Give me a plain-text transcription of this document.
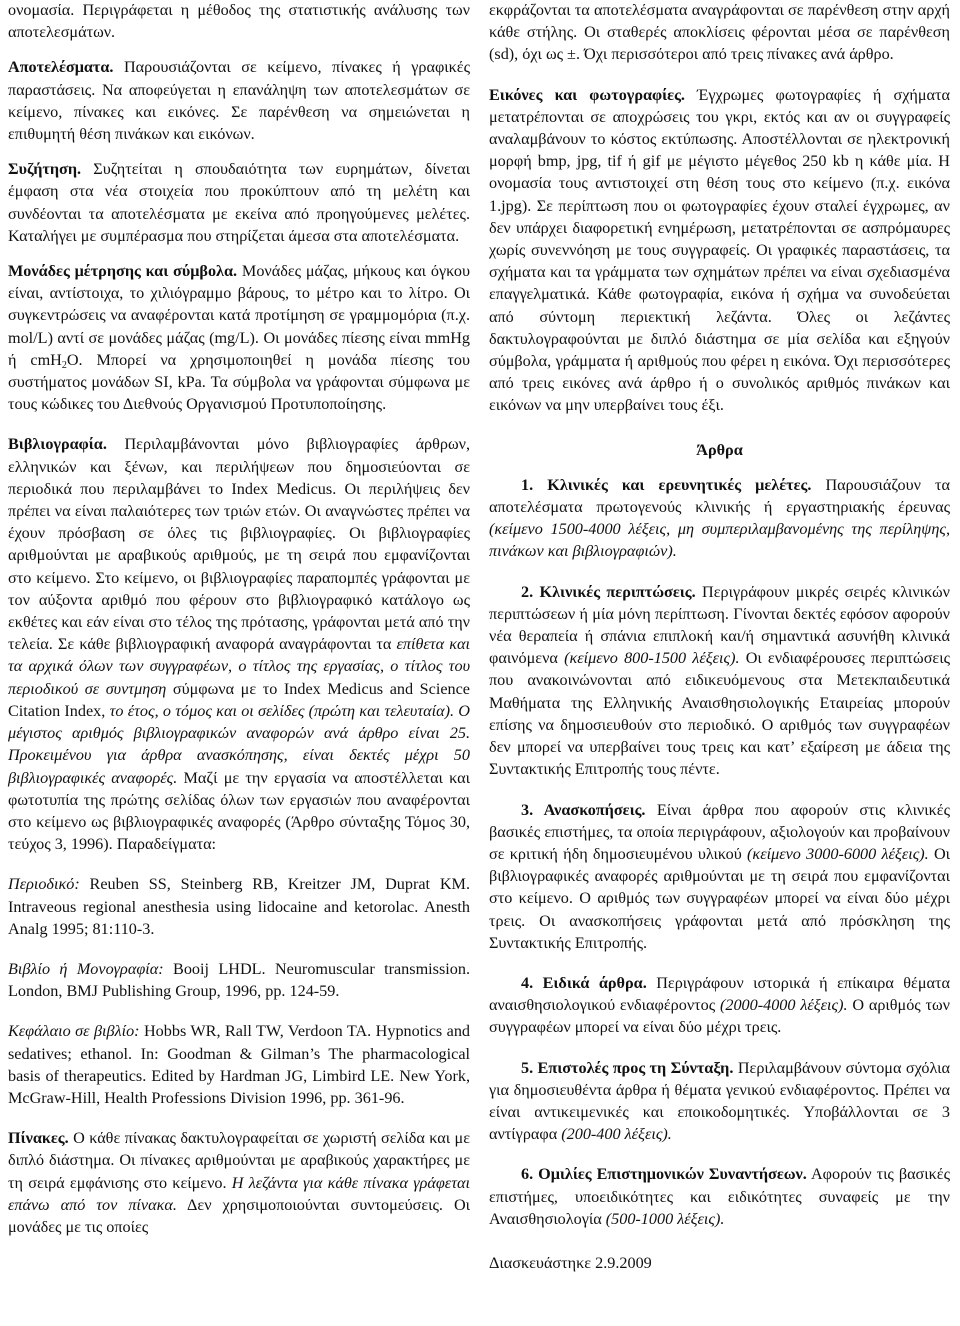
ονομασία. Περιγράφεται η μέθοδος της στατιστικής ανάλυσης των αποτελεσμάτων.

Αποτελέσματα. Παρουσιάζονται σε κείμενο, πίνακες ή γραφικές παραστάσεις. Να αποφεύγεται η επανάληψη των αποτελεσμάτων σε κείμενο, πίνακες και εικόνες. Σε παρένθεση να σημειώνεται η επιθυμητή θέση πινάκων και εικόνων.

Συζήτηση. Συζητείται η σπουδαιότητα των ευρημάτων, δίνεται έμφαση στα νέα στοιχεία που προκύπτουν από τη μελέτη και συνδέονται τα αποτελέσματα με εκείνα από προηγούμενες μελέτες. Καταλήγει με συμπέρασμα που στηρίζεται άμεσα στα αποτελέσματα.

Μονάδες μέτρησης και σύμβολα. Μονάδες μάζας, μήκους και όγκου είναι, αντίστοιχα, το χιλιόγραμμο βάρους, το μέτρο και το λίτρο. Οι συγκεντρώσεις να αναφέρονται κατά προτίμηση σε γραμμομόρια (π.χ. mol/L) αντί σε μονάδες μάζας (mg/L). Οι μονάδες πίεσης είναι mmHg ή cmH$_2$O. Μπορεί να χρησιμοποιηθεί η μονάδα πίεσης του συστήματος μονάδων SI, kPa. Τα σύμβολα να γράφονται σύμφωνα με τους κώδικες του Διεθνούς Οργανισμού Προτυποποίησης.

Βιβλιογραφία. Περιλαμβάνονται μόνο βιβλιογραφίες άρθρων, ελληνικών και ξένων, και περιλήψεων που δημοσιεύονται σε περιοδικά που περιλαμβάνει το Index Medicus. Οι περιλήψεις δεν πρέπει να είναι παλαιότερες των τριών ετών. Οι αναγνώστες πρέπει να έχουν πρόσβαση σε όλες τις βιβλιογραφίες. Οι βιβλιογραφίες αριθμούνται με αραβικούς αριθμούς, με τη σειρά που εμφανίζονται στο κείμενο. Στο κείμενο, οι βιβλιογραφίες παραπομπές γράφονται με τον αύξοντα αριθμό που φέρουν στο βιβλιογραφικό κατάλογο ως εκθέτες και εάν είναι στο τέλος της πρότασης, γράφονται μετά από την τελεία. Σε κάθε βιβλιογραφική αναφορά αναγράφονται τα επίθετα και τα αρχικά όλων των συγγραφέων, ο τίτλος της εργασίας, ο τίτλος του περιοδικού σε συντμηση σύμφωνα με το Index Medicus and Science Citation Index, το έτος, ο τόμος και οι σελίδες (πρώτη και τελευταία). Ο μέγιστος αριθμός βιβλιογραφικών αναφορών ανά άρθρο είναι 25. Προκειμένου για άρθρα ανασκόπησης, είναι δεκτές μέχρι 50 βιβλιογραφικές αναφορές. Μαζί με την εργασία να αποστέλλεται και φωτοτυπία της πρώτης σελίδας όλων των εργασιών που αναφέρονται στο κείμενο ως βιβλιογραφικές αναφορές (Άρθρο σύνταξης Τόμος 30, τεύχος 3, 1996). Παραδείγματα:

Περιοδικό: Reuben SS, Steinberg RB, Kreitzer JM, Duprat KM. Intraveous regional anesthesia using lidocaine and ketorolac. Anesth Analg 1995; 81:110-3.

Βιβλίο ή Μονογραφία: Booij LHDL. Neuromuscular transmission. London, BMJ Publishing Group, 1996, pp. 124-59.

Κεφάλαιο σε βιβλίο: Hobbs WR, Rall TW, Verdoon TA. Hypnotics and sedatives; ethanol. In: Goodman & Gilman’s The pharmacological basis of therapeutics. Edited by Hardman JG, Limbird LE. New York, McGraw-Hill, Health Professions Division 1996, pp. 361-96.

Πίνακες. Ο κάθε πίνακας δακτυλογραφείται σε χωριστή σελίδα και με διπλό διάστημα. Οι πίνακες αριθμούνται με αραβικούς χαρακτήρες με τη σειρά εμφάνισης στο κείμενο. Η λεζάντα για κάθε πίνακα γράφεται επάνω από τον πίνακα. Δεν χρησιμοποιούνται συντομεύσεις. Οι μονάδες με τις οποίες

εκφράζονται τα αποτελέσματα αναγράφονται σε παρένθεση στην αρχή κάθε στήλης. Οι σταθερές αποκλίσεις φέρονται μέσα σε παρένθεση (sd), όχι ως ±. Όχι περισσότεροι από τρεις πίνακες ανά άρθρο.

Εικόνες και φωτογραφίες. Έγχρωμες φωτογραφίες ή σχήματα μετατρέπονται σε αποχρώσεις του γκρι, εκτός και αν οι συγγραφείς αναλαμβάνουν το κόστος εκτύπωσης. Αποστέλλονται σε ηλεκτρονική μορφή bmp, jpg, tif ή gif με μέγιστο μέγεθος 250 kb η κάθε μία. Η ονομασία τους αντιστοιχεί στη θέση τους στο κείμενο (π.χ. εικόνα 1.jpg). Σε περίπτωση που οι φωτογραφίες έχουν σταλεί έγχρωμες, αν δεν υπάρχει διαφορετική ενημέρωση, μετατρέπονται σε ασπρόμαυρες χωρίς συνεννόηση με τους συγγραφείς. Οι γραφικές παραστάσεις, τα σχήματα και τα γράμματα των σχημάτων πρέπει να είναι σχεδιασμένα επαγγελματικά. Κάθε φωτογραφία, εικόνα ή σχήμα να συνοδεύεται από σύντομη περιεκτική λεζάντα. Όλες οι λεζάντες δακτυλογραφούνται με διπλό διάστημα σε μία σελίδα και εξηγούν σύμβολα, γράμματα ή αριθμούς που φέρει η εικόνα. Όχι περισσότερες από τρεις εικόνες ανά άρθρο ή ο συνολικός αριθμός πινάκων και εικόνων να μην υπερβαίνει τους έξι.

Άρθρα

1. Κλινικές και ερευνητικές μελέτες. Παρουσιάζουν τα αποτελέσματα πρωτογενούς κλινικής ή εργαστηριακής έρευνας (κείμενο 1500-4000 λέξεις, μη συμπεριλαμβανομένης της περίληψης, πινάκων και βιβλιογραφιών).

2. Κλινικές περιπτώσεις. Περιγράφουν μικρές σειρές κλινικών περιπτώσεων ή μία μόνη περίπτωση. Γίνονται δεκτές εφόσον αφορούν νέα θεραπεία ή σπάνια επιπλοκή και/ή σημαντικά ασυνήθη κλινικά φαινόμενα (κείμενο 800-1500 λέξεις). Οι ενδιαφέρουσες περιπτώσεις που ανακοινώνονται από ειδικευόμενους στα Μετεκπαιδευτικά Μαθήματα της Ελληνικής Αναισθησιολογικής Εταιρείας μπορούν επίσης να δημοσιευθούν στο περιοδικό. Ο αριθμός των συγγραφέων δεν μπορεί να υπερβαίνει τους τρεις και κατ’ εξαίρεση με άδεια της Συντακτικής Επιτροπής τους πέντε.

3. Ανασκοπήσεις. Είναι άρθρα που αφορούν στις κλινικές βασικές επιστήμες, τα οποία περιγράφουν, αξιολογούν και προβαίνουν σε κριτική ήδη δημοσιευμένου υλικού (κείμενο 3000-6000 λέξεις). Οι βιβλιογραφικές αναφορές αριθμούνται με τη σειρά που εμφανίζονται στο κείμενο. Ο αριθμός των συγγραφέων μπορεί να είναι δύο μέχρι τρεις. Οι ανασκοπήσεις γράφονται μετά από πρόσκληση της Συντακτικής Επιτροπής.

4. Ειδικά άρθρα. Περιγράφουν ιστορικά ή επίκαιρα θέματα αναισθησιολογικού ενδιαφέροντος (2000-4000 λέξεις). Ο αριθμός των συγγραφέων μπορεί να είναι δύο μέχρι τρεις.

5. Επιστολές προς τη Σύνταξη. Περιλαμβάνουν σύντομα σχόλια για δημοσιευθέντα άρθρα ή θέματα γενικού ενδιαφέροντος. Πρέπει να είναι αντικειμενικές και εποικοδομητικές. Υποβάλλονται σε 3 αντίγραφα (200-400 λέξεις).

6. Ομιλίες Επιστημονικών Συναντήσεων. Αφορούν τις βασικές επιστήμες, υποειδικότητες και ειδικότητες συναφείς με την Αναισθησιολογία (500-1000 λέξεις).

Διασκευάστηκε 2.9.2009
